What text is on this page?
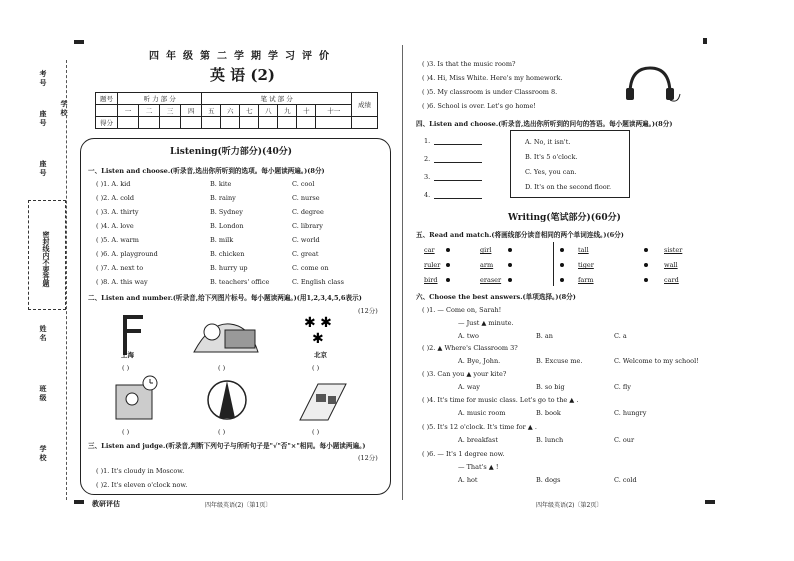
考号
学校
座号
座号
密封线内不要答题
姓名
班级
学校
四年级第二学期学习评价
英 语 (2)
题号	听 力 部 分				笔 试 部 分							成绩
	一	二	三	四	五	六	七	八	九	十	十一	
得分												
Listening(听力部分)(40分)
一、Listen and choose.(听录音,选出你所听到的选项。每小题读两遍。)(8分)
( )1. A. kid	B. kite	C. cool
( )2. A. cold	B. rainy	C. nurse
( )3. A. thirty	B. Sydney	C. degree
( )4. A. love	B. London	C. library
( )5. A. warm	B. milk	C. world
( )6. A. playground	B. chicken	C. great
( )7. A. next to	B. hurry up	C. come on
( )8. A. this way	B. teachers' office	C. English class
二、Listen and number.(听录音,给下列图片标号。每小题读两遍。)(用1,2,3,4,5,6表示)
(12分)
上海
✱ ✱
✱
北京
( )	( )	( )
( )	( )	( )
三、Listen and judge.(听录音,判断下列句子与所听句子是"√"否"×"相同。每小题读两遍。)
(12分)
( )1. It's cloudy in Moscow.
( )2. It's eleven o'clock now.
教研评估	四年级英语(2)〔第1页〕
( )3. Is that the music room?
( )4. Hi, Miss White. Here's my homework.
( )5. My classroom is under Classroom 8.
( )6. School is over. Let's go home!
四、Listen and choose.(听录音,选出你所听到的问句的答语。每小题读两遍。)(8分)
1.
2.
3.
4.
A. No, it isn't.
B. It's 5 o'clock.
C. Yes, you can.
D. It's on the second floor.
Writing(笔试部分)(60分)
五、Read and match.(将画线部分读音相同的两个单词连线。)(6分)
car	girl	tall	sister
ruler	arm	tiger	wall
bird	eraser	farm	card
六、Choose the best answers.(单项选择。)(8分)
( )1. — Come on, Sarah!
— Just ▲ minute.
A. two	B. an	C. a
( )2. ▲ Where's Classroom 3?
A. Bye, John.	B. Excuse me.	C. Welcome to my school!
( )3. Can you ▲ your kite?
A. way	B. so big	C. fly
( )4. It's time for music class. Let's go to the ▲ .
A. music room	B. book	C. hungry
( )5. It's 12 o'clock. It's time for ▲ .
A. breakfast	B. lunch	C. our
( )6. — It's 1 degree now.
— That's ▲ !
A. hot	B. dogs	C. cold
四年级英语(2)〔第2页〕
